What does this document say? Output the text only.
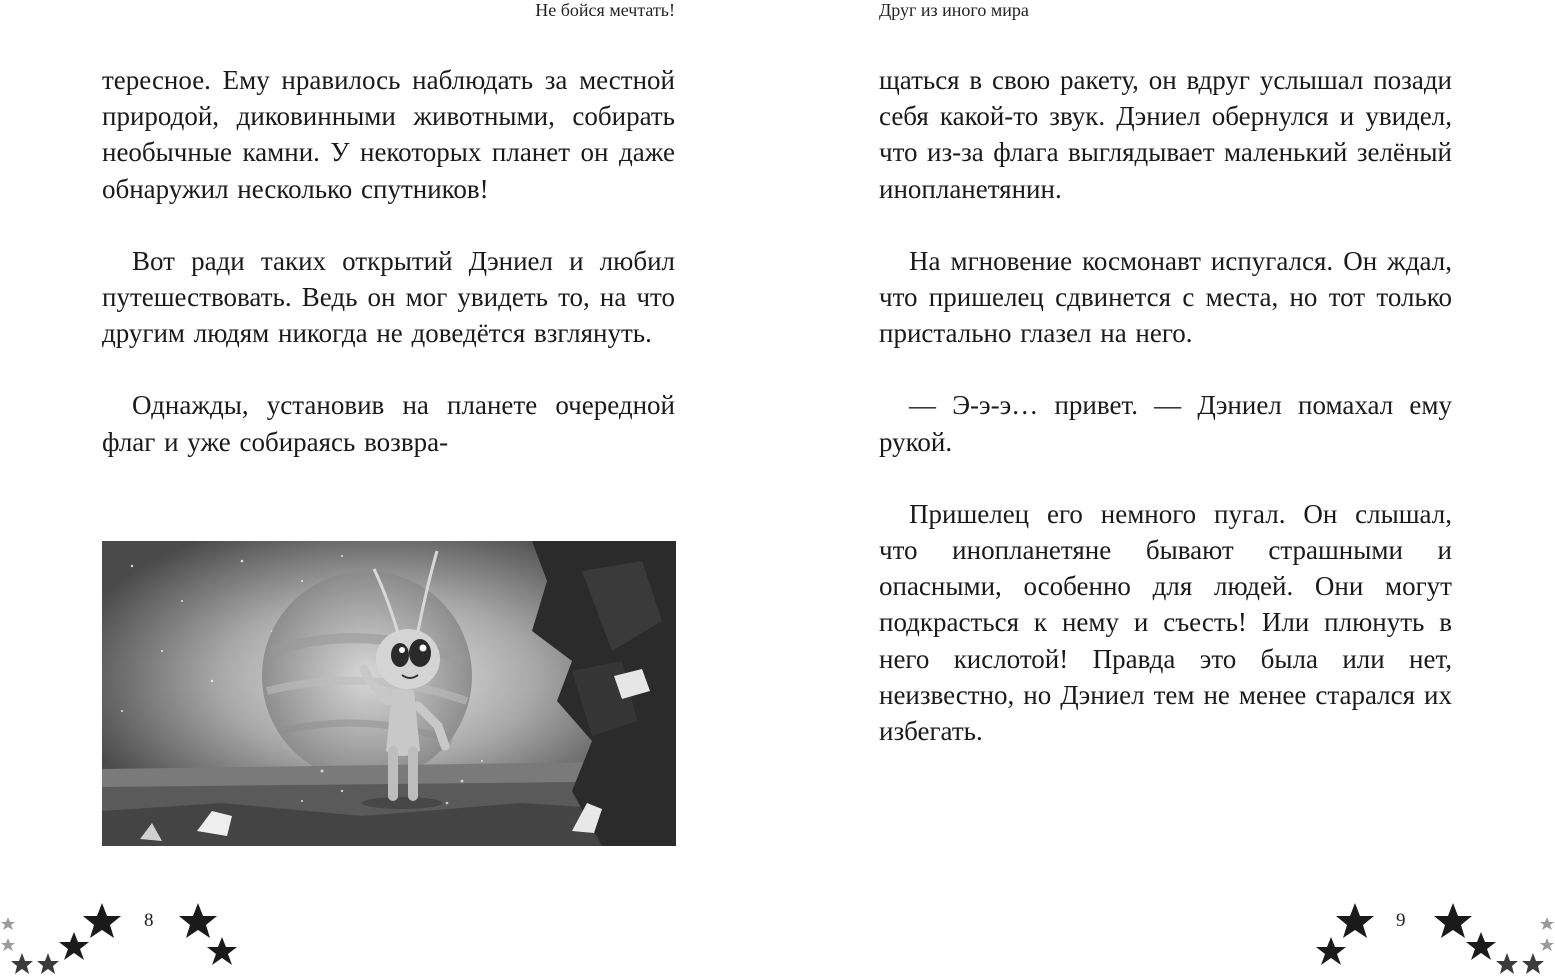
Не бойся мечтать!

тересное. Ему нравилось наблюдать за местной природой, диковинными животными, собирать необычные камни. У некоторых планет он даже обнаружил несколько спутников!

Вот ради таких открытий Дэниел и любил путешествовать. Ведь он мог увидеть то, на что другим людям никогда не доведётся взглянуть.

Однажды, установив на планете очередной флаг и уже собираясь возвра-

8
Друг из иного мира

щаться в свою ракету, он вдруг услышал позади себя какой-то звук. Дэниел обернулся и увидел, что из-за флага выглядывает маленький зелёный инопланетянин.

На мгновение космонавт испугался. Он ждал, что пришелец сдвинется с места, но тот только пристально глазел на него.

— Э-э-э… привет. — Дэниел помахал ему рукой.

Пришелец его немного пугал. Он слышал, что инопланетяне бывают страшными и опасными, особенно для людей. Они могут подкрасться к нему и съесть! Или плюнуть в него кислотой! Правда это была или нет, неизвестно, но Дэниел тем не менее старался их избегать.

9
